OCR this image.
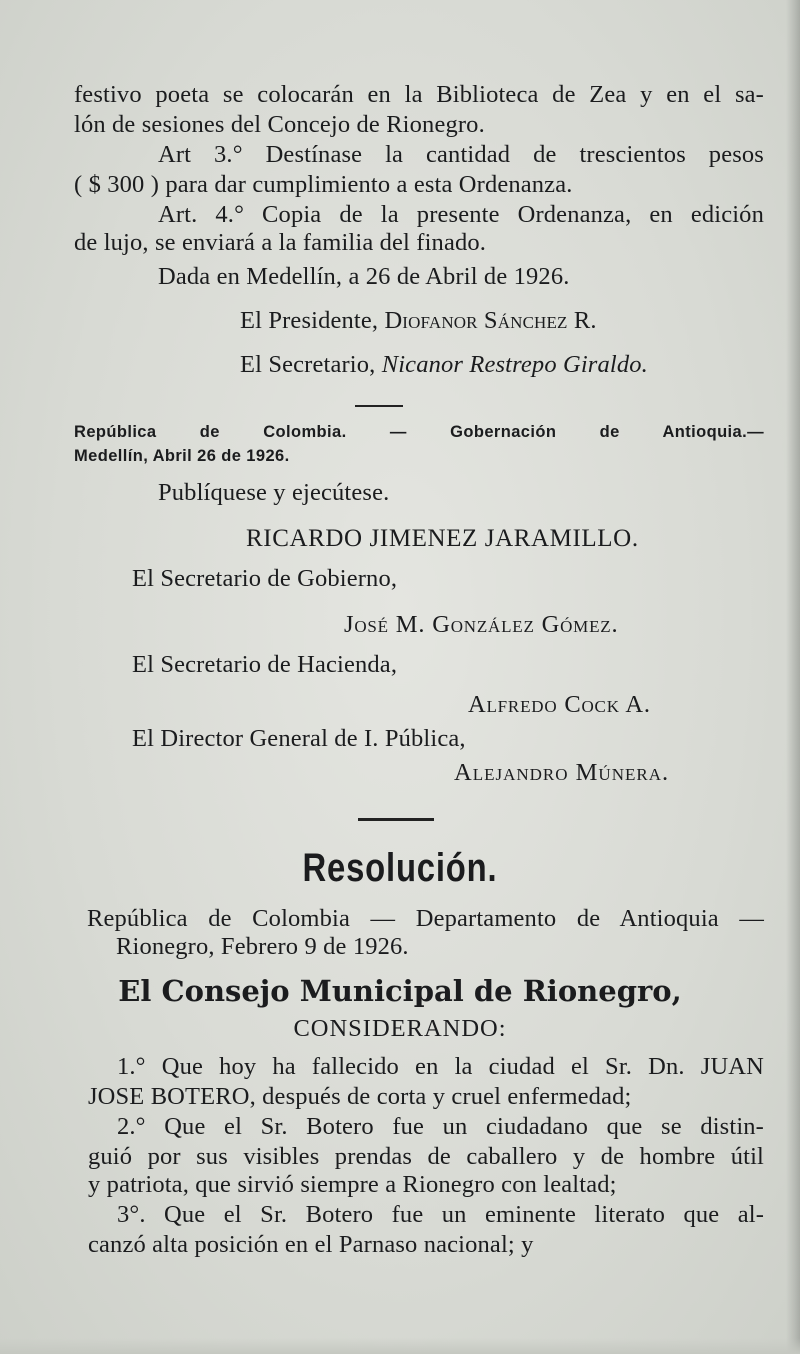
festivo poeta se colocarán en la Biblioteca de Zea y en el sa-
lón de sesiones del Concejo de Rionegro.
Art 3.° Destínase la cantidad de trescientos pesos
( $ 300 ) para dar cumplimiento a esta Ordenanza.
Art. 4.° Copia de la presente Ordenanza, en edición
de lujo, se enviará a la familia del finado.
Dada en Medellín, a 26 de Abril de 1926.
El Presidente, Diofanor Sánchez R.
El Secretario, Nicanor Restrepo Giraldo.
República de Colombia. — Gobernación de Antioquia.—
Medellín, Abril 26 de 1926.
Publíquese y ejecútese.
RICARDO JIMENEZ JARAMILLO.
El Secretario de Gobierno,
José M. González Gómez.
El Secretario de Hacienda,
Alfredo Cock A.
El Director General de I. Pública,
Alejandro Múnera.
Resolución.
República de Colombia — Departamento de Antioquia —
Rionegro, Febrero 9 de 1926.
El Consejo Municipal de Rionegro,
CONSIDERANDO:
1.° Que hoy ha fallecido en la ciudad el Sr. Dn. JUAN
JOSE BOTERO, después de corta y cruel enfermedad;
2.° Que el Sr. Botero fue un ciudadano que se distin-
guió por sus visibles prendas de caballero y de hombre útil
y patriota, que sirvió siempre a Rionegro con lealtad;
3°. Que el Sr. Botero fue un eminente literato que al-
canzó alta posición en el Parnaso nacional; y
